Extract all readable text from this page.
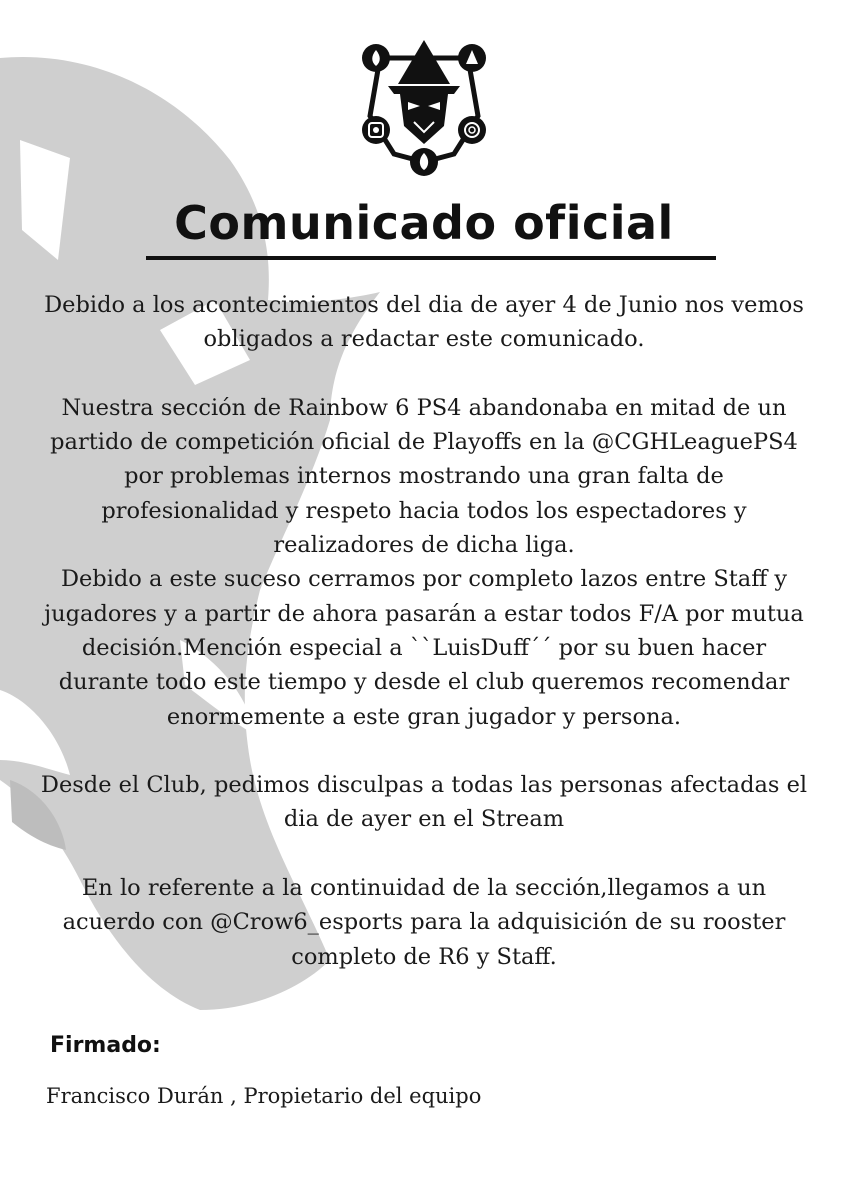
Comunicado oficial

Debido a los acontecimientos del dia de ayer 4 de Junio nos vemos obligados a redactar este comunicado.

Nuestra sección de Rainbow 6 PS4 abandonaba en mitad de un partido de competición oficial de Playoffs en la @CGHLeaguePS4 por problemas internos mostrando una gran falta de profesionalidad y respeto hacia todos los espectadores y realizadores de dicha liga.

Debido a este suceso cerramos por completo lazos entre Staff y jugadores y a partir de ahora pasarán a estar todos F/A por mutua decisión.Mención especial a ``LuisDuff´´ por su buen hacer durante todo este tiempo y desde el club queremos recomendar enormemente a este gran jugador y persona.

Desde el Club, pedimos disculpas a todas las personas afectadas el dia de ayer en el Stream

En lo referente a la continuidad de la sección,llegamos a un acuerdo con @Crow6_esports para la adquisición de su rooster completo de R6 y Staff.

Firmado:

Francisco Durán , Propietario del equipo
